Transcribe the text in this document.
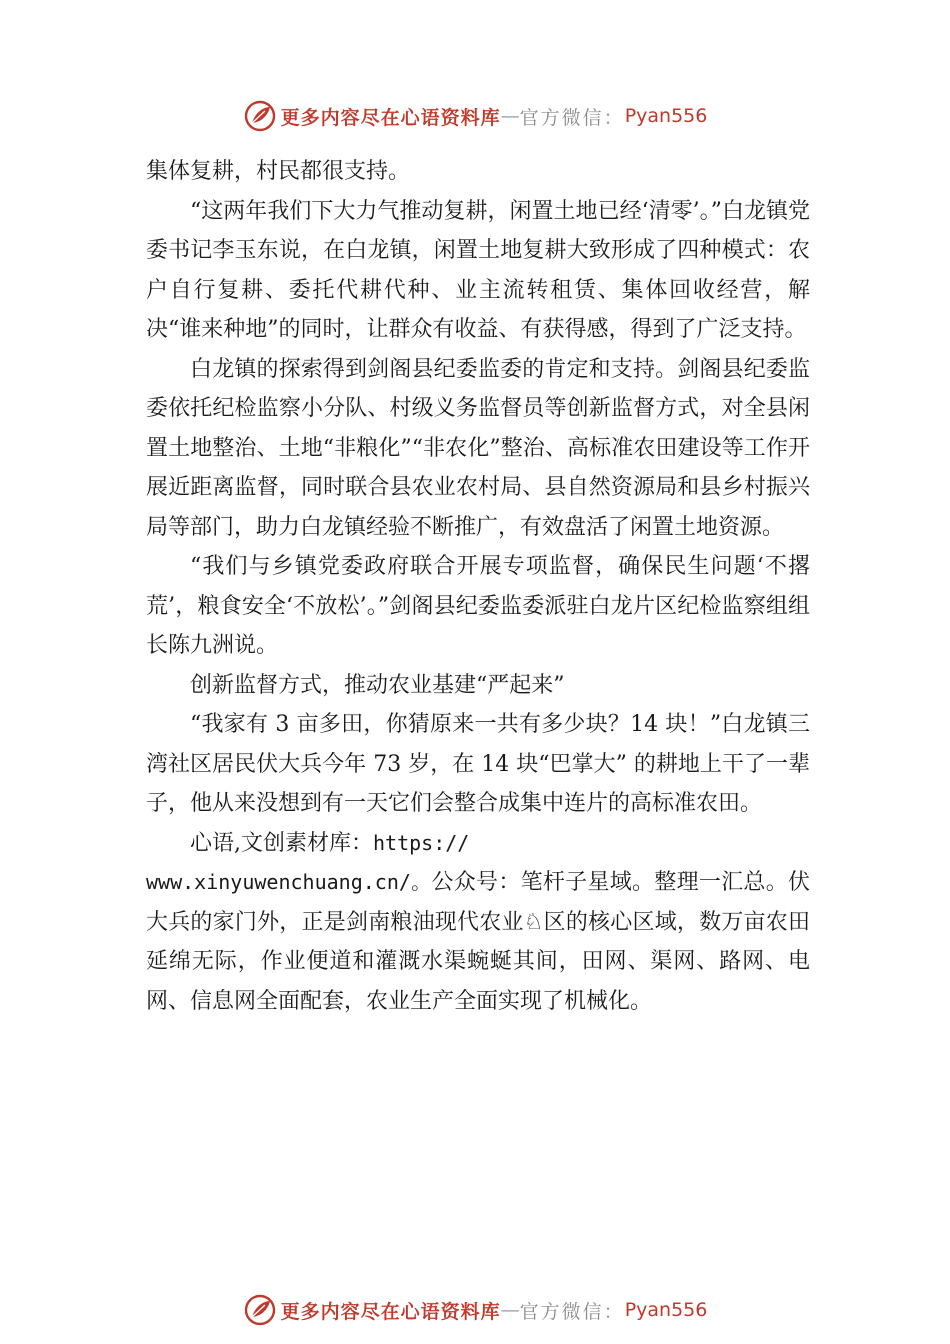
更多内容尽在心语资料库 — 官方微信： Pyan556

集体复耕，村民都很支持。

“这两年我们下大力气推动复耕，闲置土地已经‘清零’。”白龙镇党委书记李玉东说，在白龙镇，闲置土地复耕大致形成了四种模式：农户自行复耕、委托代耕代种、业主流转租赁、集体回收经营，解决“谁来种地”的同时，让群众有收益、有获得感，得到了广泛支持。

白龙镇的探索得到剑阁县纪委监委的肯定和支持。剑阁县纪委监委依托纪检监察小分队、村级义务监督员等创新监督方式，对全县闲置土地整治、土地“非粮化”“非农化”整治、高标准农田建设等工作开展近距离监督，同时联合县农业农村局、县自然资源局和县乡村振兴局等部门，助力白龙镇经验不断推广，有效盘活了闲置土地资源。

“我们与乡镇党委政府联合开展专项监督，确保民生问题‘不撂荒’，粮食安全‘不放松’。”剑阁县纪委监委派驻白龙片区纪检监察组组长陈九洲说。

创新监督方式，推动农业基建“严起来”

“我家有 3 亩多田，你猜原来一共有多少块？14 块！”白龙镇三湾社区居民伏大兵今年 73 岁，在 14 块“巴掌大” 的耕地上干了一辈子，他从来没想到有一天它们会整合成集中连片的高标准农田。

心语,文创素材库：https://
www.xinyuwenchuang.cn/。公众号：笔杆子星域。整理一汇总。伏大兵的家门外，正是剑南粮油现代农业♘区的核心区域，数万亩农田延绵无际，作业便道和灌溉水渠蜿蜒其间，田网、渠网、路网、电网、信息网全面配套，农业生产全面实现了机械化。

更多内容尽在心语资料库 — 官方微信： Pyan556
